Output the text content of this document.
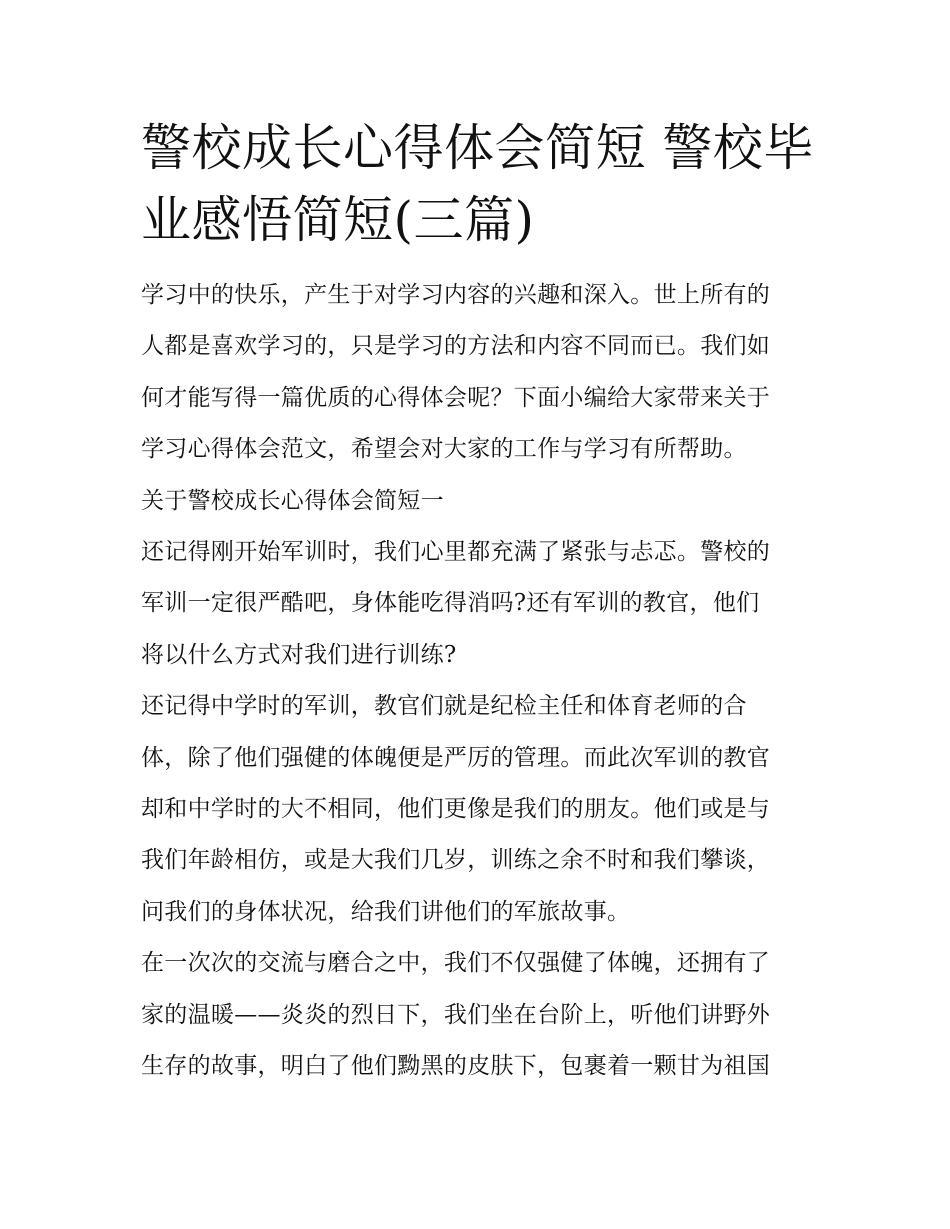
警校成长心得体会简短 警校毕
业感悟简短(三篇)
学习中的快乐，产生于对学习内容的兴趣和深入。世上所有的
人都是喜欢学习的，只是学习的方法和内容不同而已。我们如
何才能写得一篇优质的心得体会呢？下面小编给大家带来关于
学习心得体会范文，希望会对大家的工作与学习有所帮助。
关于警校成长心得体会简短一
还记得刚开始军训时，我们心里都充满了紧张与忐忑。警校的
军训一定很严酷吧，身体能吃得消吗?还有军训的教官，他们
将以什么方式对我们进行训练?
还记得中学时的军训，教官们就是纪检主任和体育老师的合
体，除了他们强健的体魄便是严厉的管理。而此次军训的教官
却和中学时的大不相同，他们更像是我们的朋友。他们或是与
我们年龄相仿，或是大我们几岁，训练之余不时和我们攀谈，
问我们的身体状况，给我们讲他们的军旅故事。
在一次次的交流与磨合之中，我们不仅强健了体魄，还拥有了
家的温暖——炎炎的烈日下，我们坐在台阶上，听他们讲野外
生存的故事，明白了他们黝黑的皮肤下，包裹着一颗甘为祖国
